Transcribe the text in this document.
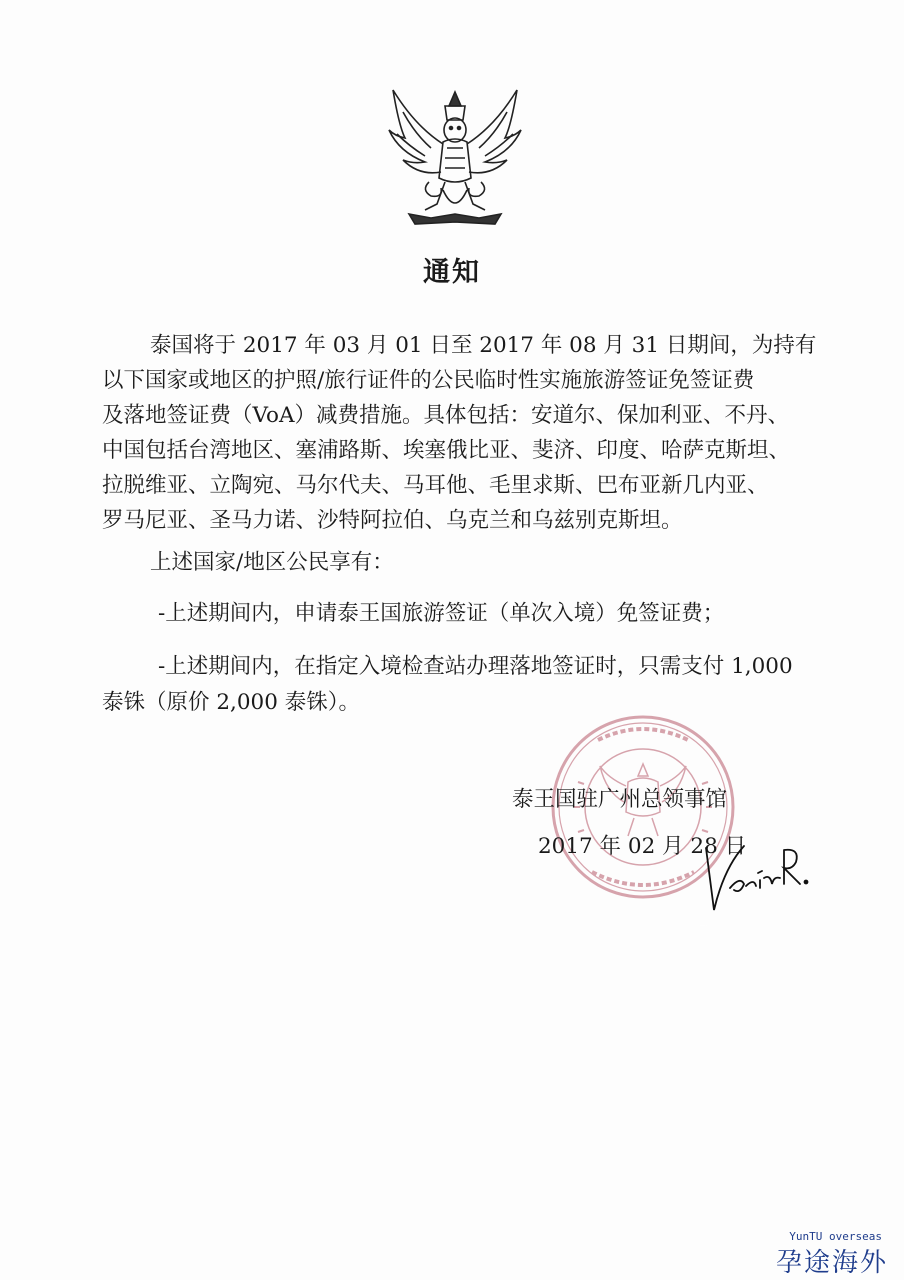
通知
泰国将于 2017 年 03 月 01 日至 2017 年 08 月 31 日期间，为持有
以下国家或地区的护照/旅行证件的公民临时性实施旅游签证免签证费
及落地签证费（VoA）减费措施。具体包括：安道尔、保加利亚、不丹、
中国包括台湾地区、塞浦路斯、埃塞俄比亚、斐济、印度、哈萨克斯坦、
拉脱维亚、立陶宛、马尔代夫、马耳他、毛里求斯、巴布亚新几内亚、
罗马尼亚、圣马力诺、沙特阿拉伯、乌克兰和乌兹别克斯坦。
上述国家/地区公民享有：
-上述期间内，申请泰王国旅游签证（单次入境）免签证费；
-上述期间内，在指定入境检查站办理落地签证时，只需支付 1,000
泰铢（原价 2,000 泰铢）。
泰王国驻广州总领事馆
2017 年 02 月 28 日
Vasin R.
YunTU overseas
孕途海外
